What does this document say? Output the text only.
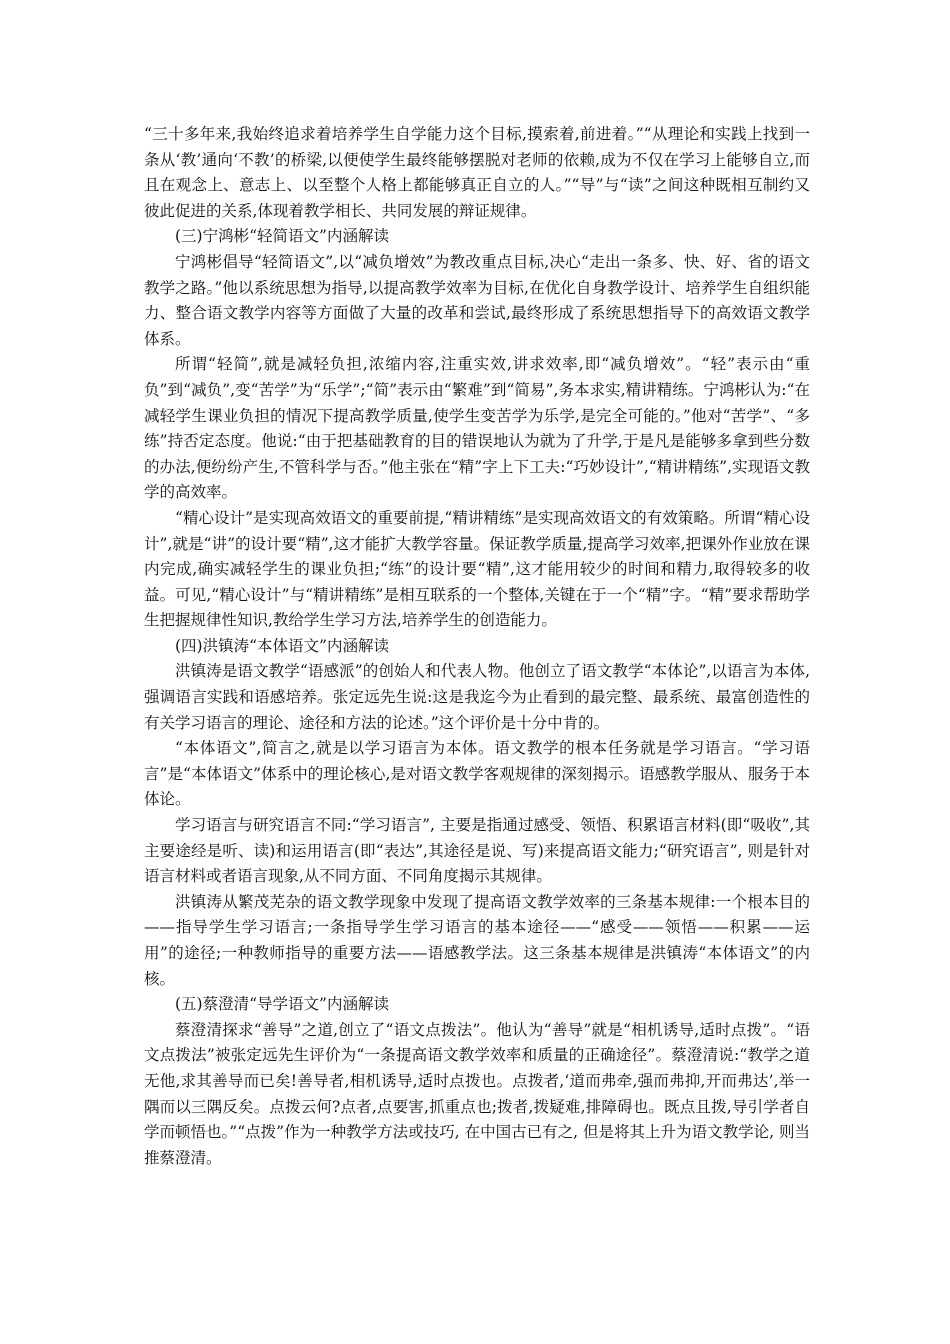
“三十多年来,我始终追求着培养学生自学能力这个目标,摸索着,前进着。”“从理论和实践上找到一条从‘教’通向‘不教’的桥梁,以便使学生最终能够摆脱对老师的依赖,成为不仅在学习上能够自立,而且在观念上、意志上、以至整个人格上都能够真正自立的人。”“导”与“读”之间这种既相互制约又彼此促进的关系,体现着教学相长、共同发展的辩证规律。

(三)宁鸿彬“轻简语文”内涵解读

宁鸿彬倡导“轻简语文”,以“减负增效”为教改重点目标,决心“走出一条多、快、好、省的语文教学之路。”他以系统思想为指导,以提高教学效率为目标,在优化自身教学设计、培养学生自组织能力、整合语文教学内容等方面做了大量的改革和尝试,最终形成了系统思想指导下的高效语文教学体系。

所谓“轻简”,就是减轻负担,浓缩内容,注重实效,讲求效率,即“减负增效”。“轻”表示由“重负”到“减负”,变“苦学”为“乐学”;“简”表示由“繁难”到“简易”,务本求实,精讲精练。宁鸿彬认为:“在减轻学生课业负担的情况下提高教学质量,使学生变苦学为乐学,是完全可能的。”他对“苦学”、“多练”持否定态度。他说:“由于把基础教育的目的错误地认为就为了升学,于是凡是能够多拿到些分数的办法,便纷纷产生,不管科学与否。”他主张在“精”字上下工夫:“巧妙设计”,“精讲精练”,实现语文教学的高效率。

“精心设计”是实现高效语文的重要前提,“精讲精练”是实现高效语文的有效策略。所谓“精心设计”,就是“讲”的设计要“精”,这才能扩大教学容量。保证教学质量,提高学习效率,把课外作业放在课内完成,确实减轻学生的课业负担;“练”的设计要“精”,这才能用较少的时间和精力,取得较多的收益。可见,“精心设计”与“精讲精练”是相互联系的一个整体,关键在于一个“精”字。“精”要求帮助学生把握规律性知识,教给学生学习方法,培养学生的创造能力。

(四)洪镇涛“本体语文”内涵解读

洪镇涛是语文教学“语感派”的创始人和代表人物。他创立了语文教学“本体论”,以语言为本体,强调语言实践和语感培养。张定远先生说:这是我迄今为止看到的最完整、最系统、最富创造性的有关学习语言的理论、途径和方法的论述。”这个评价是十分中肯的。

“本体语文”,简言之,就是以学习语言为本体。语文教学的根本任务就是学习语言。“学习语言”是“本体语文”体系中的理论核心,是对语文教学客观规律的深刻揭示。语感教学服从、服务于本体论。

学习语言与研究语言不同:“学习语言”, 主要是指通过感受、领悟、积累语言材料(即“吸收”,其主要途经是听、读)和运用语言(即“表达”,其途径是说、写)来提高语文能力;“研究语言”, 则是针对语言材料或者语言现象,从不同方面、不同角度揭示其规律。

洪镇涛从繁茂芜杂的语文教学现象中发现了提高语文教学效率的三条基本规律:一个根本目的——指导学生学习语言;一条指导学生学习语言的基本途径——“感受——领悟——积累——运用”的途径;一种教师指导的重要方法——语感教学法。这三条基本规律是洪镇涛“本体语文”的内核。

(五)蔡澄清“导学语文”内涵解读

蔡澄清探求“善导”之道,创立了“语文点拨法”。他认为“善导”就是“相机诱导,适时点拨”。“语文点拨法”被张定远先生评价为“一条提高语文教学效率和质量的正确途径”。蔡澄清说:“教学之道无他,求其善导而已矣!善导者,相机诱导,适时点拨也。点拨者,‘道而弗牵,强而弗抑,开而弗达’,举一隅而以三隅反矣。点拨云何?点者,点要害,抓重点也;拨者,拨疑难,排障碍也。既点且拨,导引学者自学而顿悟也。”“点拨”作为一种教学方法或技巧, 在中国古已有之, 但是将其上升为语文教学论, 则当推蔡澄清。
